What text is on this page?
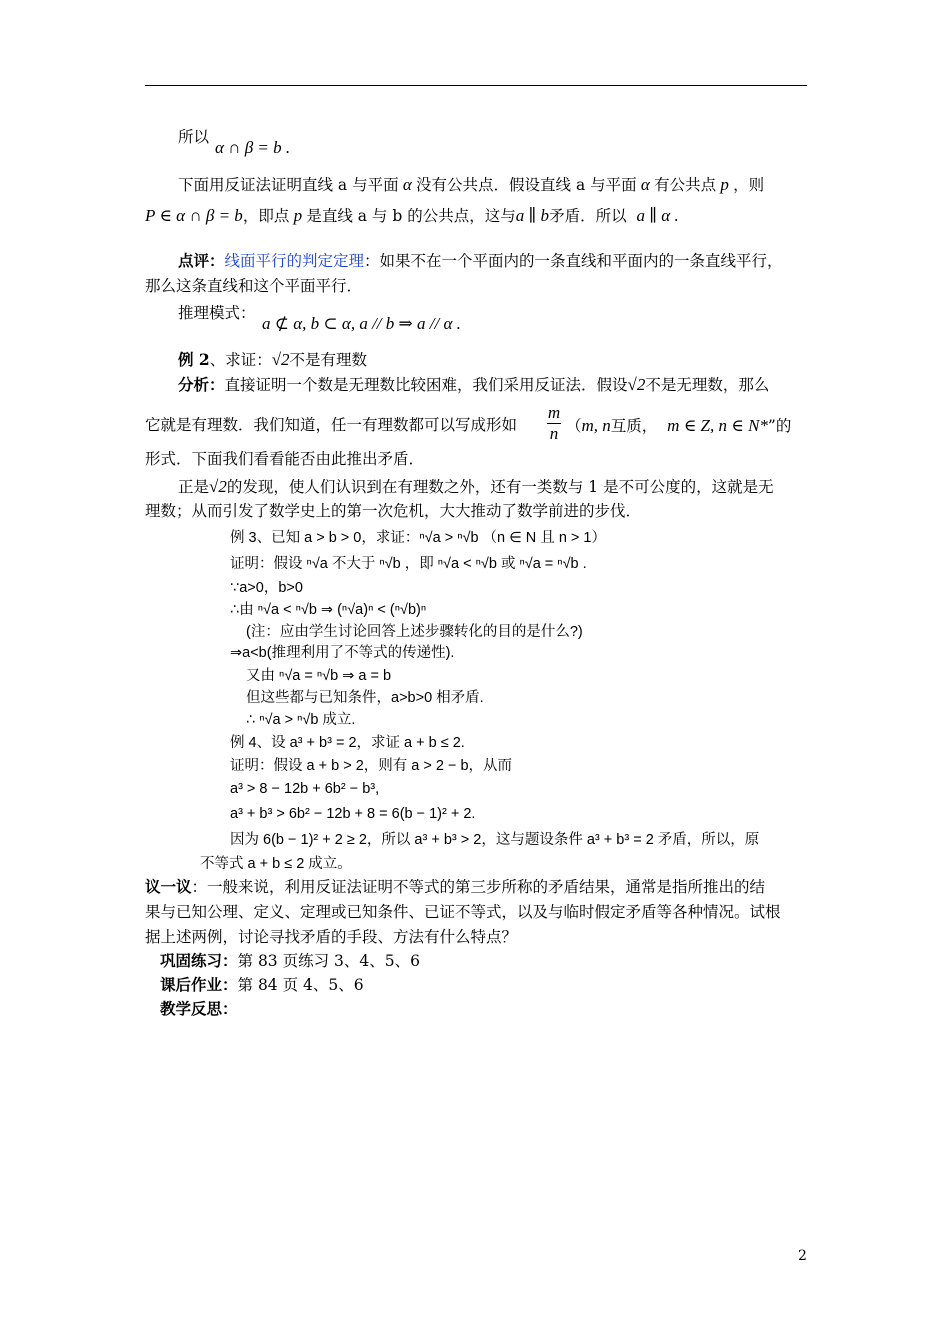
所以
α ∩ β = b .
下面用反证法证明直线 a 与平面 α 没有公共点．假设直线 a 与平面 α 有公共点 p ，则
P ∈ α ∩ β = b，即点 p 是直线 a 与 b 的公共点，这与a ∥ b矛盾．所以 a ∥ α .
点评：线面平行的判定定理：如果不在一个平面内的一条直线和平面内的一条直线平行，
那么这条直线和这个平面平行．
推理模式：
a ⊄ α, b ⊂ α, a // b ⇒ a // α .
例 2、求证：√2不是有理数
分析：直接证明一个数是无理数比较困难，我们采用反证法．假设√2不是无理数，那么
它就是有理数．我们知道，任一有理数都可以写成形如 $\frac{m}{n} (m$, n互质， m ∈ Z, n ∈ N*”的
形式．下面我们看看能否由此推出矛盾．
正是√2的发现，使人们认识到在有理数之外，还有一类数与 1 是不可公度的，这就是无
理数；从而引发了数学史上的第一次危机，大大推动了数学前进的步伐．
例 3、已知 a > b > 0，求证：ⁿ√a > ⁿ√b （n ∈ N 且 n > 1）
证明：假设 ⁿ√a 不大于 ⁿ√b ，即 ⁿ√a < ⁿ√b 或 ⁿ√a = ⁿ√b .
∵a>0，b>0
∴由 ⁿ√a < ⁿ√b ⇒ (ⁿ√a)ⁿ < (ⁿ√b)ⁿ
(注：应由学生讨论回答上述步骤转化的目的是什么?)
⇒a<b(推理利用了不等式的传递性).
又由 ⁿ√a = ⁿ√b ⇒ a = b
但这些都与已知条件，a>b>0 相矛盾.
∴ ⁿ√a > ⁿ√b 成立.
例 4、设 a³ + b³ = 2，求证 a + b ≤ 2.
证明：假设 a + b > 2，则有 a > 2 − b，从而
a³ > 8 − 12b + 6b² − b³,
a³ + b³ > 6b² − 12b + 8 = 6(b − 1)² + 2.
因为 6(b − 1)² + 2 ≥ 2，所以 a³ + b³ > 2，这与题设条件 a³ + b³ = 2 矛盾，所以，原
不等式 a + b ≤ 2 成立。
议一议：一般来说，利用反证法证明不等式的第三步所称的矛盾结果，通常是指所推出的结
果与已知公理、定义、定理或已知条件、已证不等式，以及与临时假定矛盾等各种情况。试根
据上述两例，讨论寻找矛盾的手段、方法有什么特点？
巩固练习：第 83 页练习 3、4、5、6
课后作业：第 84 页 4、5、6
教学反思：
2
